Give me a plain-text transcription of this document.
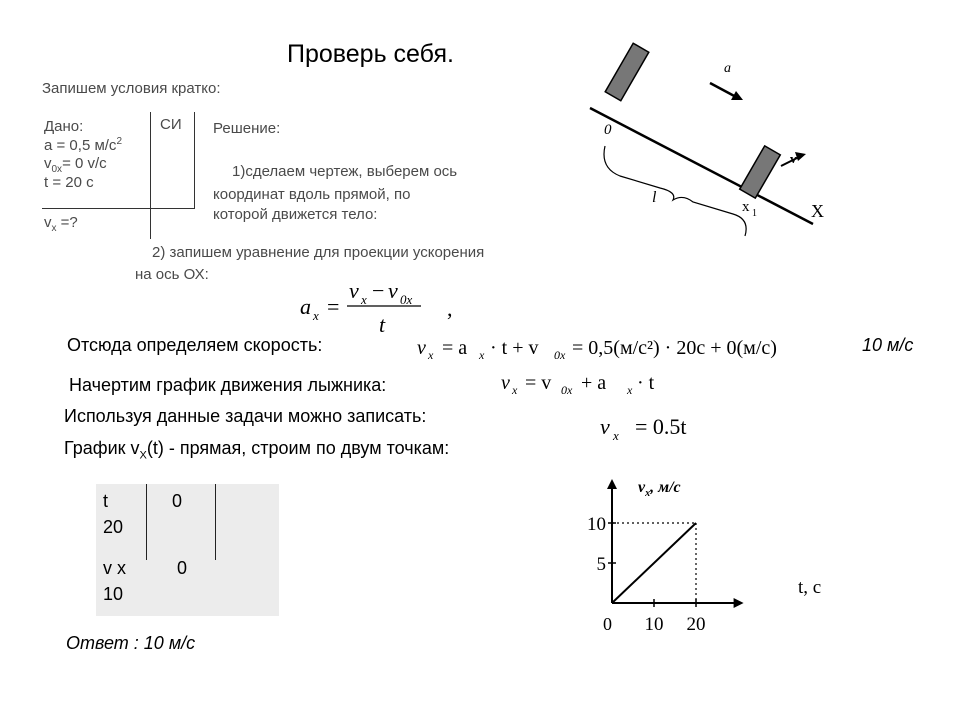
Проверь себя.
Запишем условия кратко:
Дано:	СИ
a = 0,5 $м/c^2$
$v_{0x}= 0$ v/c
t = 20 c
$v_x$ =?
Решение:
1)сделаем чертеж, выберем ось
координат вдоль прямой, по
которой движется тело:
2) запишем уравнение для проекции ускорения
на ось ОХ:
a x =
v x − v 0x
t
,
Отсюда определяем скорость:	v x = a x · t + v 0x = 0,5(м/c²) · 20c + 0(м/c)	10 м/с
Начертим график движения лыжника:	v x = v 0x + a x · t
Используя данные задачи можно записать:
График $v_X(t)$ - прямая, строим по двум точкам:
v x = 0.5t
t	0
20
v x	0
10
Ответ : 10 м/с
a
v
0
l
x 1	X
10 20
5
10
$v_x$, м/с
t, c
0
